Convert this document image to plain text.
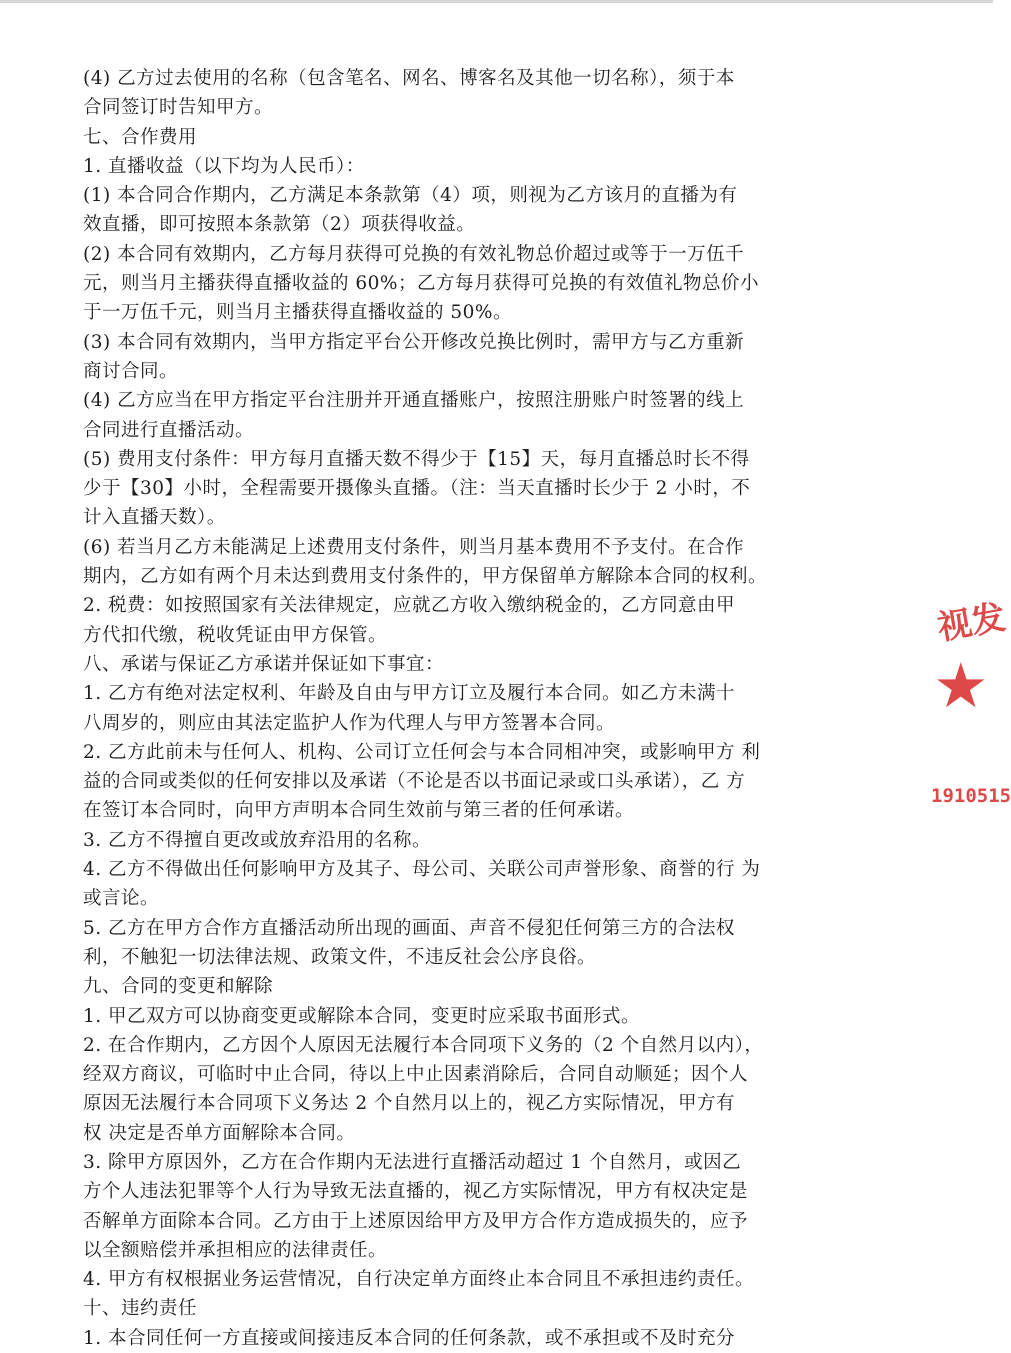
(4) 乙方过去使用的名称（包含笔名、网名、博客名及其他一切名称），须于本

合同签订时告知甲方。

七、合作费用

1. 直播收益（以下均为人民币）：

(1) 本合同合作期内，乙方满足本条款第（4）项，则视为乙方该月的直播为有

效直播，即可按照本条款第（2）项获得收益。

(2) 本合同有效期内，乙方每月获得可兑换的有效礼物总价超过或等于一万伍千

元，则当月主播获得直播收益的 60%；乙方每月获得可兑换的有效值礼物总价小

于一万伍千元，则当月主播获得直播收益的 50%。

(3) 本合同有效期内，当甲方指定平台公开修改兑换比例时，需甲方与乙方重新

商讨合同。

(4) 乙方应当在甲方指定平台注册并开通直播账户，按照注册账户时签署的线上

合同进行直播活动。

(5) 费用支付条件：甲方每月直播天数不得少于【15】天，每月直播总时长不得

少于【30】小时，全程需要开摄像头直播。（注：当天直播时长少于 2 小时，不

计入直播天数）。

(6) 若当月乙方未能满足上述费用支付条件，则当月基本费用不予支付。在合作

期内，乙方如有两个月未达到费用支付条件的，甲方保留单方解除本合同的权利。

2. 税费：如按照国家有关法律规定，应就乙方收入缴纳税金的，乙方同意由甲

方代扣代缴，税收凭证由甲方保管。

八、承诺与保证乙方承诺并保证如下事宜：

1. 乙方有绝对法定权利、年龄及自由与甲方订立及履行本合同。如乙方未满十

八周岁的，则应由其法定监护人作为代理人与甲方签署本合同。

2. 乙方此前未与任何人、机构、公司订立任何会与本合同相冲突，或影响甲方 利

益的合同或类似的任何安排以及承诺（不论是否以书面记录或口头承诺），乙 方

在签订本合同时，向甲方声明本合同生效前与第三者的任何承诺。

3. 乙方不得擅自更改或放弃沿用的名称。

4. 乙方不得做出任何影响甲方及其子、母公司、关联公司声誉形象、商誉的行 为

或言论。

5. 乙方在甲方合作方直播活动所出现的画面、声音不侵犯任何第三方的合法权

利，不触犯一切法律法规、政策文件，不违反社会公序良俗。

九、合同的变更和解除

1. 甲乙双方可以协商变更或解除本合同，变更时应采取书面形式。

2. 在合作期内，乙方因个人原因无法履行本合同项下义务的（2 个自然月以内），

经双方商议，可临时中止合同，待以上中止因素消除后，合同自动顺延；因个人

原因无法履行本合同项下义务达 2 个自然月以上的，视乙方实际情况，甲方有

权 决定是否单方面解除本合同。

3. 除甲方原因外，乙方在合作期内无法进行直播活动超过 1 个自然月，或因乙

方个人违法犯罪等个人行为导致无法直播的，视乙方实际情况，甲方有权决定是

否解单方面除本合同。乙方由于上述原因给甲方及甲方合作方造成损失的，应予

以全额赔偿并承担相应的法律责任。

4. 甲方有权根据业务运营情况，自行决定单方面终止本合同且不承担违约责任。

十、违约责任

1. 本合同任何一方直接或间接违反本合同的任何条款，或不承担或不及时充分

视发
★
1910515
